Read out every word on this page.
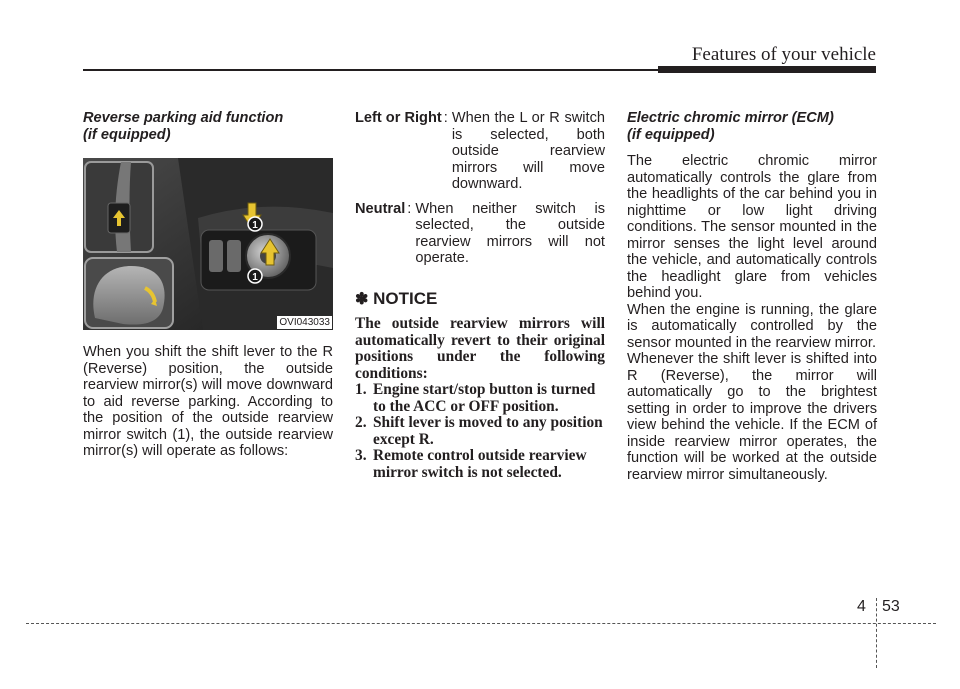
Features of your vehicle

Reverse parking aid function
(if equipped)

1
1
OVI043033

When you shift the shift lever to the R (Reverse) position, the outside rearview mirror(s) will move downward to aid reverse parking. According to the position of the outside rearview mirror switch (1), the outside rearview mirror(s) will operate as follows:

Left or Right : When the L or R switch is selected, both outside rearview mirrors will move downward.
Neutral : When neither switch is selected, the outside rearview mirrors will not operate.
✽ NOTICE

The outside rearview mirrors will automatically revert to their original positions under the following conditions:

1. Engine start/stop button is turned to the ACC or OFF position.
2. Shift lever is moved to any position except R.
3. Remote control outside rearview mirror switch is not selected.

Electric chromic mirror (ECM)
(if equipped)

The electric chromic mirror automatically controls the glare from the headlights of the car behind you in nighttime or low light driving conditions. The sensor mounted in the mirror senses the light level around the vehicle, and automatically controls the headlight glare from vehicles behind you.

When the engine is running, the glare is automatically controlled by the sensor mounted in the rearview mirror.

Whenever the shift lever is shifted into R (Reverse), the mirror will automatically go to the brightest setting in order to improve the drivers view behind the vehicle. If the ECM of inside rearview mirror operates, the function will be worked at the outside rearview mirror simultaneously.

4 53
